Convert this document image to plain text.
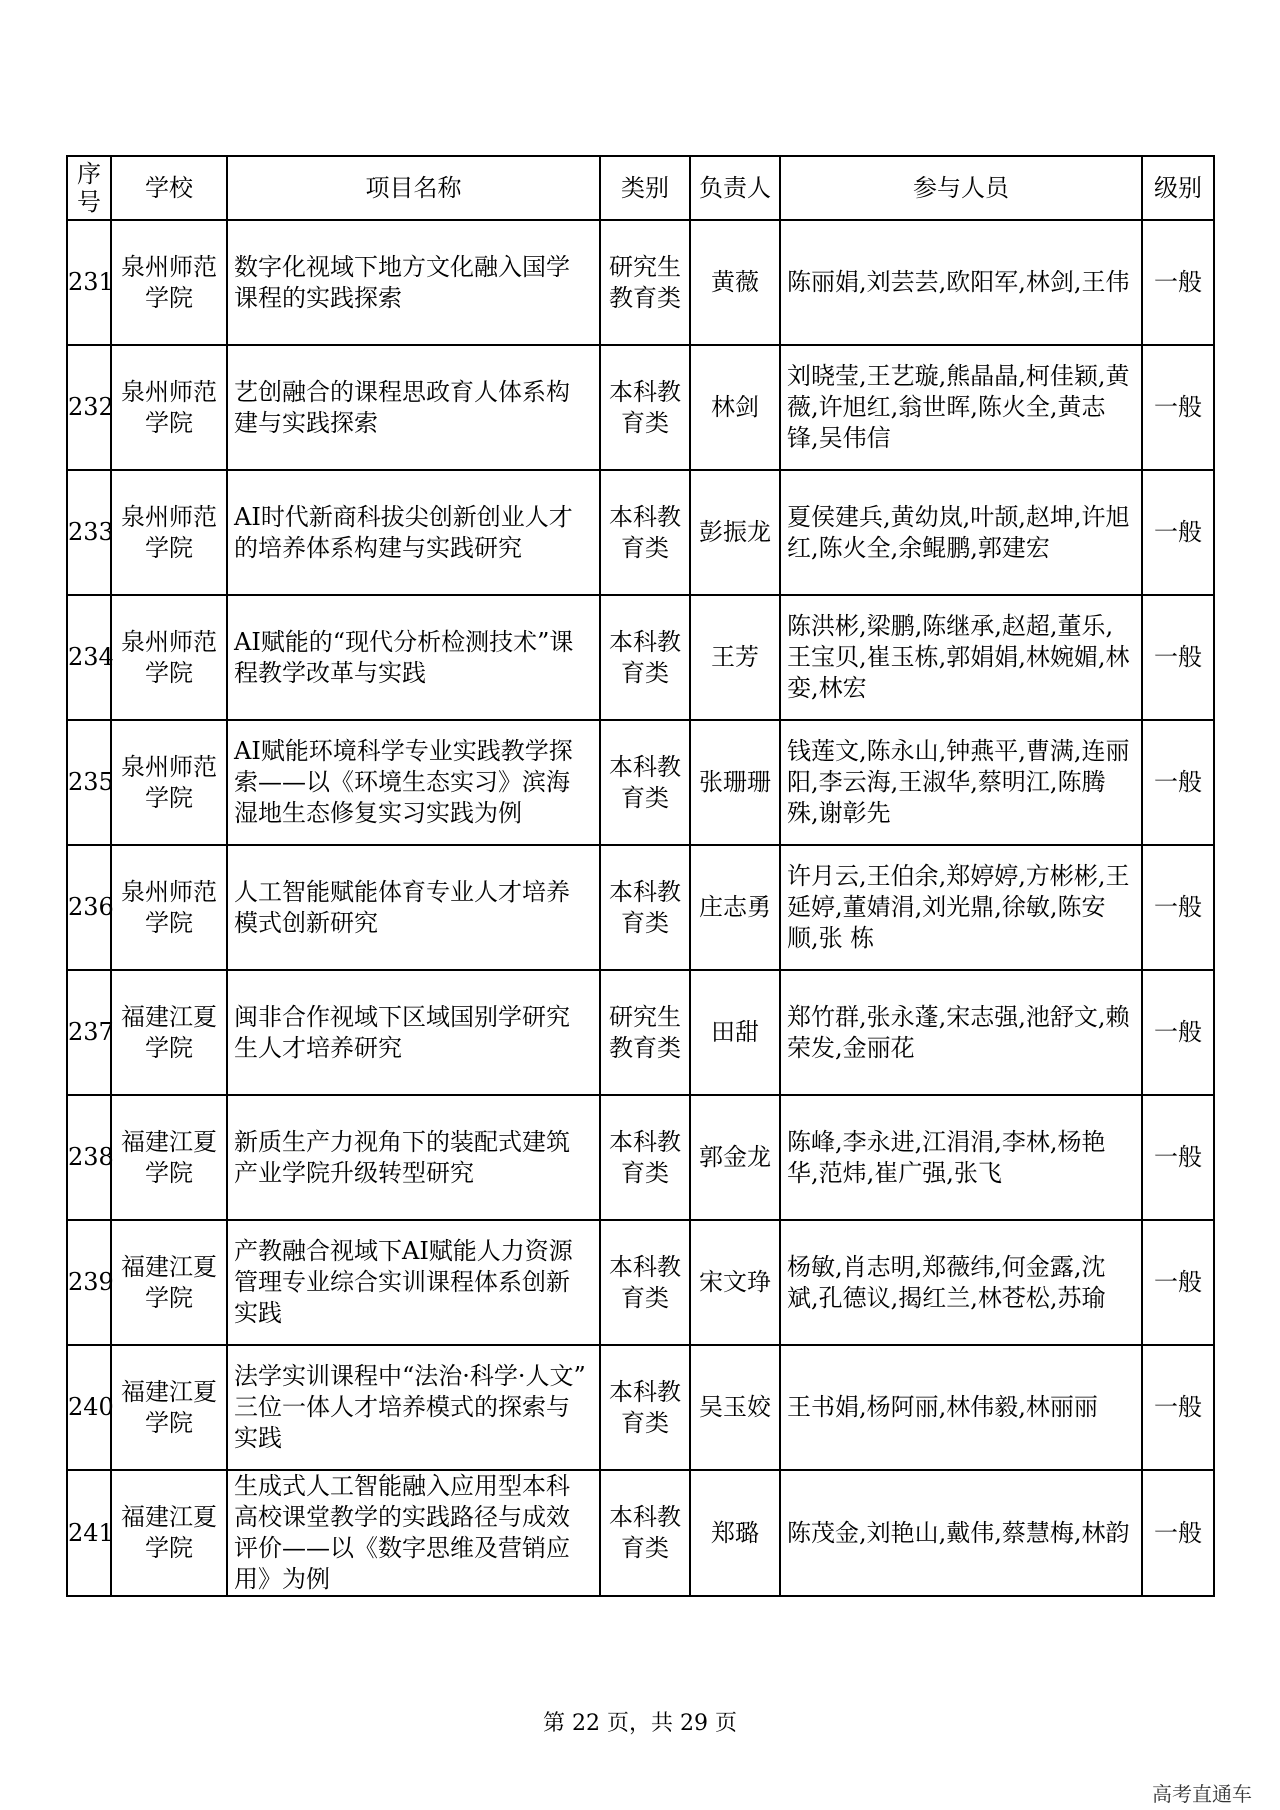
序
号	学校	项目名称	类别	负责人	参与人员	级别
231	泉州师范学院	数字化视域下地方文化融入国学课程的实践探索	研究生教育类	黄薇	陈丽娟,刘芸芸,欧阳军,林剑,王伟	一般
232	泉州师范学院	艺创融合的课程思政育人体系构建与实践探索	本科教育类	林剑	刘晓莹,王艺璇,熊晶晶,柯佳颖,黄薇,许旭红,翁世晖,陈火全,黄志锋,吴伟信	一般
233	泉州师范学院	AI时代新商科拔尖创新创业人才的培养体系构建与实践研究	本科教育类	彭振龙	夏侯建兵,黄幼岚,叶颉,赵坤,许旭红,陈火全,余鲲鹏,郭建宏	一般
234	泉州师范学院	AI赋能的“现代分析检测技术”课程教学改革与实践	本科教育类	王芳	陈洪彬,梁鹏,陈继承,赵超,董乐,王宝贝,崔玉栋,郭娟娟,林婉媚,林娈,林宏	一般
235	泉州师范学院	AI赋能环境科学专业实践教学探索——以《环境生态实习》滨海湿地生态修复实习实践为例	本科教育类	张珊珊	钱莲文,陈永山,钟燕平,曹满,连丽阳,李云海,王淑华,蔡明江,陈腾殊,谢彰先	一般
236	泉州师范学院	人工智能赋能体育专业人才培养模式创新研究	本科教育类	庄志勇	许月云,王伯余,郑婷婷,方彬彬,王延婷,董婧涓,刘光鼎,徐敏,陈安顺,张 栋	一般
237	福建江夏学院	闽非合作视域下区域国别学研究生人才培养研究	研究生教育类	田甜	郑竹群,张永蓬,宋志强,池舒文,赖荣发,金丽花	一般
238	福建江夏学院	新质生产力视角下的装配式建筑产业学院升级转型研究	本科教育类	郭金龙	陈峰,李永进,江涓涓,李林,杨艳华,范炜,崔广强,张飞	一般
239	福建江夏学院	产教融合视域下AI赋能人力资源管理专业综合实训课程体系创新实践	本科教育类	宋文琤	杨敏,肖志明,郑薇纬,何金露,沈斌,孔德议,揭红兰,林苍松,苏瑜	一般
240	福建江夏学院	法学实训课程中“法治·科学·人文” 三位一体人才培养模式的探索与实践	本科教育类	吴玉姣	王书娟,杨阿丽,林伟毅,林丽丽	一般
241	福建江夏学院	生成式人工智能融入应用型本科高校课堂教学的实践路径与成效评价——以《数字思维及营销应用》为例	本科教育类	郑璐	陈茂金,刘艳山,戴伟,蔡慧梅,林韵	一般
第 22 页，共 29 页
高考直通车
